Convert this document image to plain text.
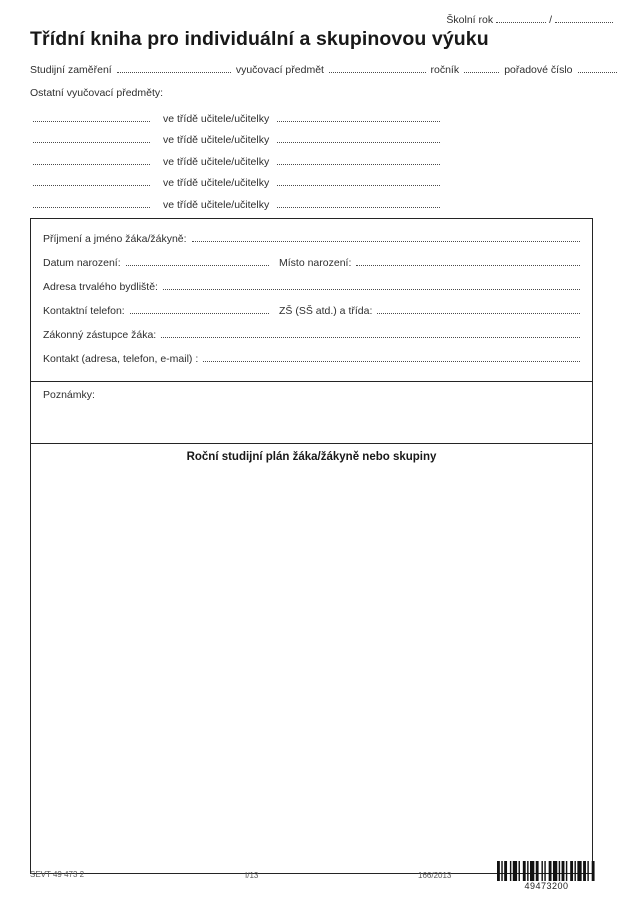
Školní rok	/
Třídní kniha pro individuální a skupinovou výuku
Studijní zaměření	vyučovací předmět	ročník	pořadové číslo
Ostatní vyučovací předměty:
ve třídě učitele/učitelky
ve třídě učitele/učitelky
ve třídě učitele/učitelky
ve třídě učitele/učitelky
ve třídě učitele/učitelky
Příjmení a jméno žáka/žákyně:
Datum narození:	Místo narození:
Adresa trvalého bydliště:
Kontaktní telefon:	ZŠ (SŠ atd.) a třída:
Zákonný zástupce žáka:
Kontakt (adresa, telefon, e-mail) :
Poznámky:
Roční studijní plán žáka/žákyně nebo skupiny
SEVT 49 473 2	I/13	166/2013
49473200
